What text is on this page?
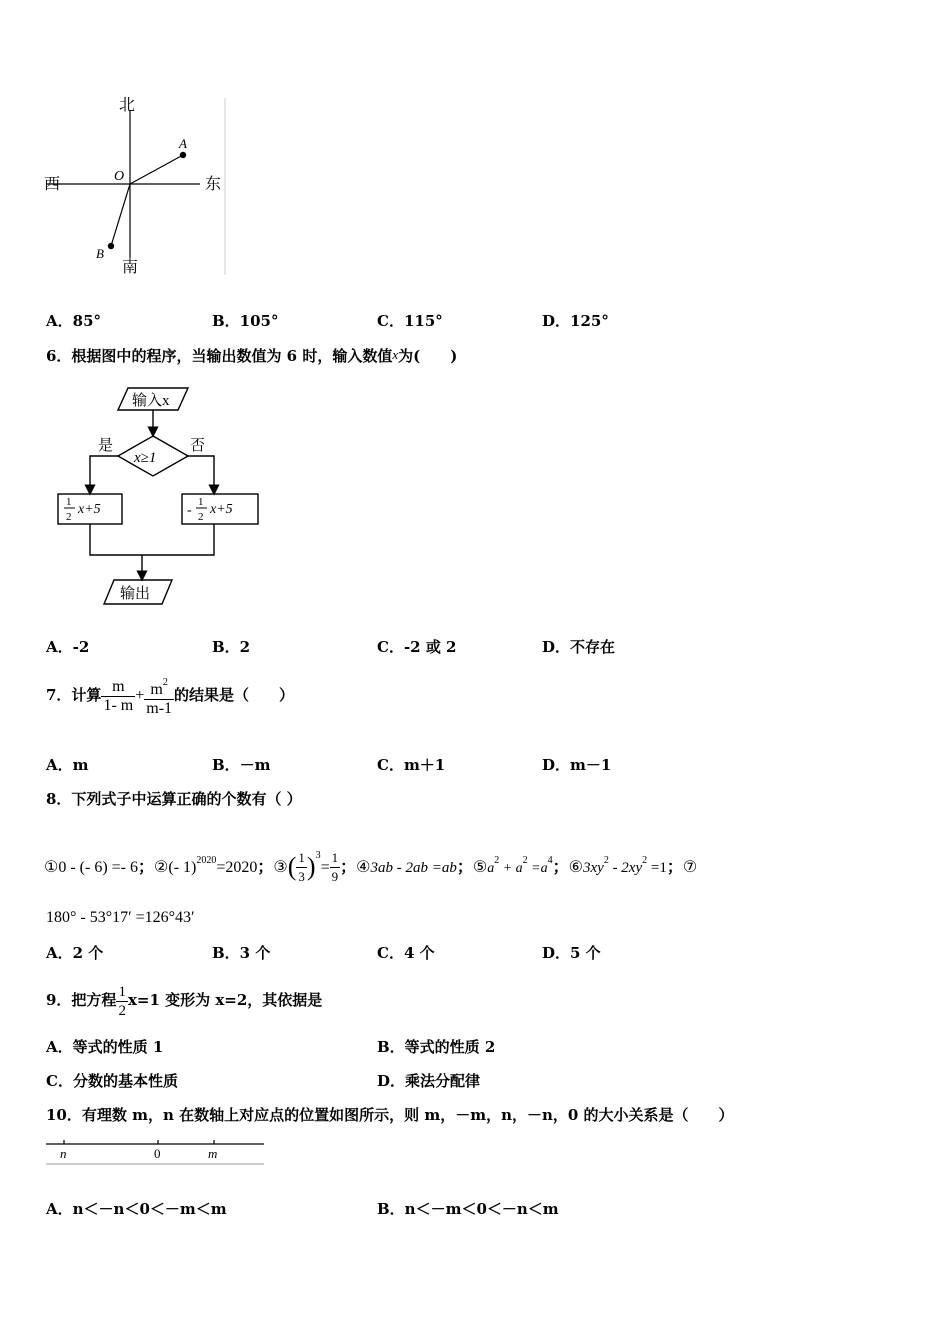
北
南
西	东
O
A
B
A．85°	B．105°	C．115°	D．125°
6．根据图中的程序，当输出数值为 6 时，输入数值x为(　　)
输入x
x≥1
是	否
1
2 x+5	-
1
2 x+5
输出
A．-2	B．2	C．-2 或 2	D．不存在
7．计算 $\frac{m}{1- m} + \frac{m^2}{m-1}$ 的结果是（　　）
A．m	B．－m	C．m＋1	D．m－1
8．下列式子中运算正确的个数有（ ）
①0 - (- 6) =- 6；②(- 1)$^{2020}$=2020；③( $\frac{1}{3} )^3= \frac{1}{9}$ ；④3ab - 2ab =ab；$⑤a^2 + a^2 =a^4$；$⑥3xy^2 - 2xy^2 =1$；⑦
180° - 53°17′ =126°43′
A．2 个	B．3 个	C．4 个	D．5 个
9．把方程 $\frac{1}{2} x=1$ 变形为 x=2，其依据是
A．等式的性质 1	B．等式的性质 2
C．分数的基本性质	D．乘法分配律
10．有理数 m，n 在数轴上对应点的位置如图所示，则 m，－m，n，－n，0 的大小关系是（　　）
n	0	m
A．n＜－n＜0＜－m＜m	B．n＜－m＜0＜－n＜m
